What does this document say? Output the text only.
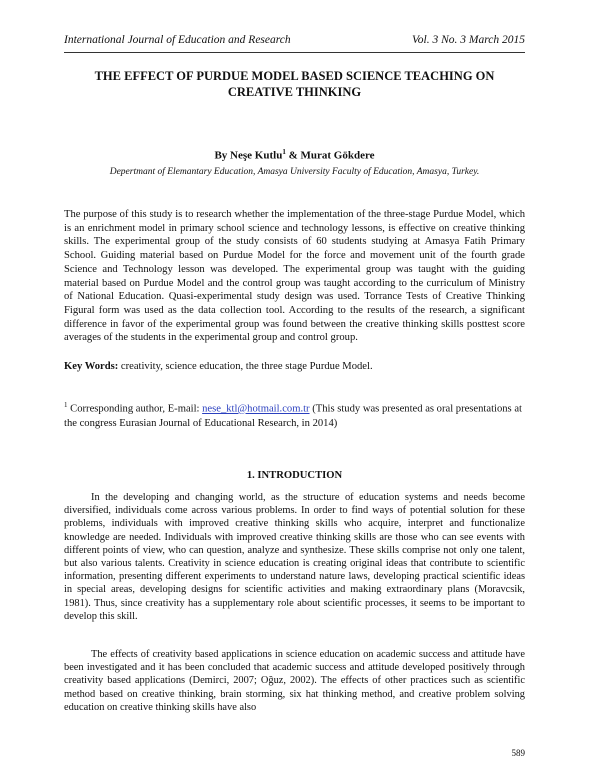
International Journal of Education and Research	Vol. 3 No. 3 March 2015
THE EFFECT OF PURDUE MODEL BASED SCIENCE TEACHING ON
CREATIVE THINKING
By Neşe Kutlu$^1$ & Murat Gökdere
Depertmant of Elemantary Education, Amasya University Faculty of Education, Amasya, Turkey.

The purpose of this study is to research whether the implementation of the three-stage Purdue Model, which is an enrichment model in primary school science and technology lessons, is effective on creative thinking skills. The experimental group of the study consists of 60 students studying at Amasya Fatih Primary School. Guiding material based on Purdue Model for the force and movement unit of the fourth grade Science and Technology lesson was developed. The experimental group was taught with the guiding material based on Purdue Model and the control group was taught according to the curriculum of Ministry of National Education. Quasi-experimental study design was used. Torrance Tests of Creative Thinking Figural form was used as the data collection tool. According to the results of the research, a significant difference in favor of the experimental group was found between the creative thinking skills posttest score averages of the students in the experimental group and control group.

Key Words: creativity, science education, the three stage Purdue Model.

$^1$ Corresponding author, E-mail: nese_ktl@hotmail.com.tr (This study was presented as oral presentations at the congress Eurasian Journal of Educational Research, in 2014)

1. INTRODUCTION

In the developing and changing world, as the structure of education systems and needs become diversified, individuals come across various problems. In order to find ways of potential solution for these problems, individuals with improved creative thinking skills who acquire, interpret and functionalize knowledge are needed. Individuals with improved creative thinking skills are those who can see events with different points of view, who can question, analyze and synthesize. These skills comprise not only one talent, but also various talents. Creativity in science education is creating original ideas that contribute to scientific information, presenting different experiments to understand nature laws, developing practical scientific ideas in special areas, developing designs for scientific activities and making extraordinary plans (Moravcsik, 1981). Thus, since creativity has a supplementary role about scientific processes, it seems to be important to develop this skill.

The effects of creativity based applications in science education on academic success and attitude have been investigated and it has been concluded that academic success and attitude developed positively through creativity based applications (Demirci, 2007; Oğuz, 2002). The effects of other practices such as scientific method based on creative thinking, brain storming, six hat thinking method, and creative problem solving education on creative thinking skills have also

589
